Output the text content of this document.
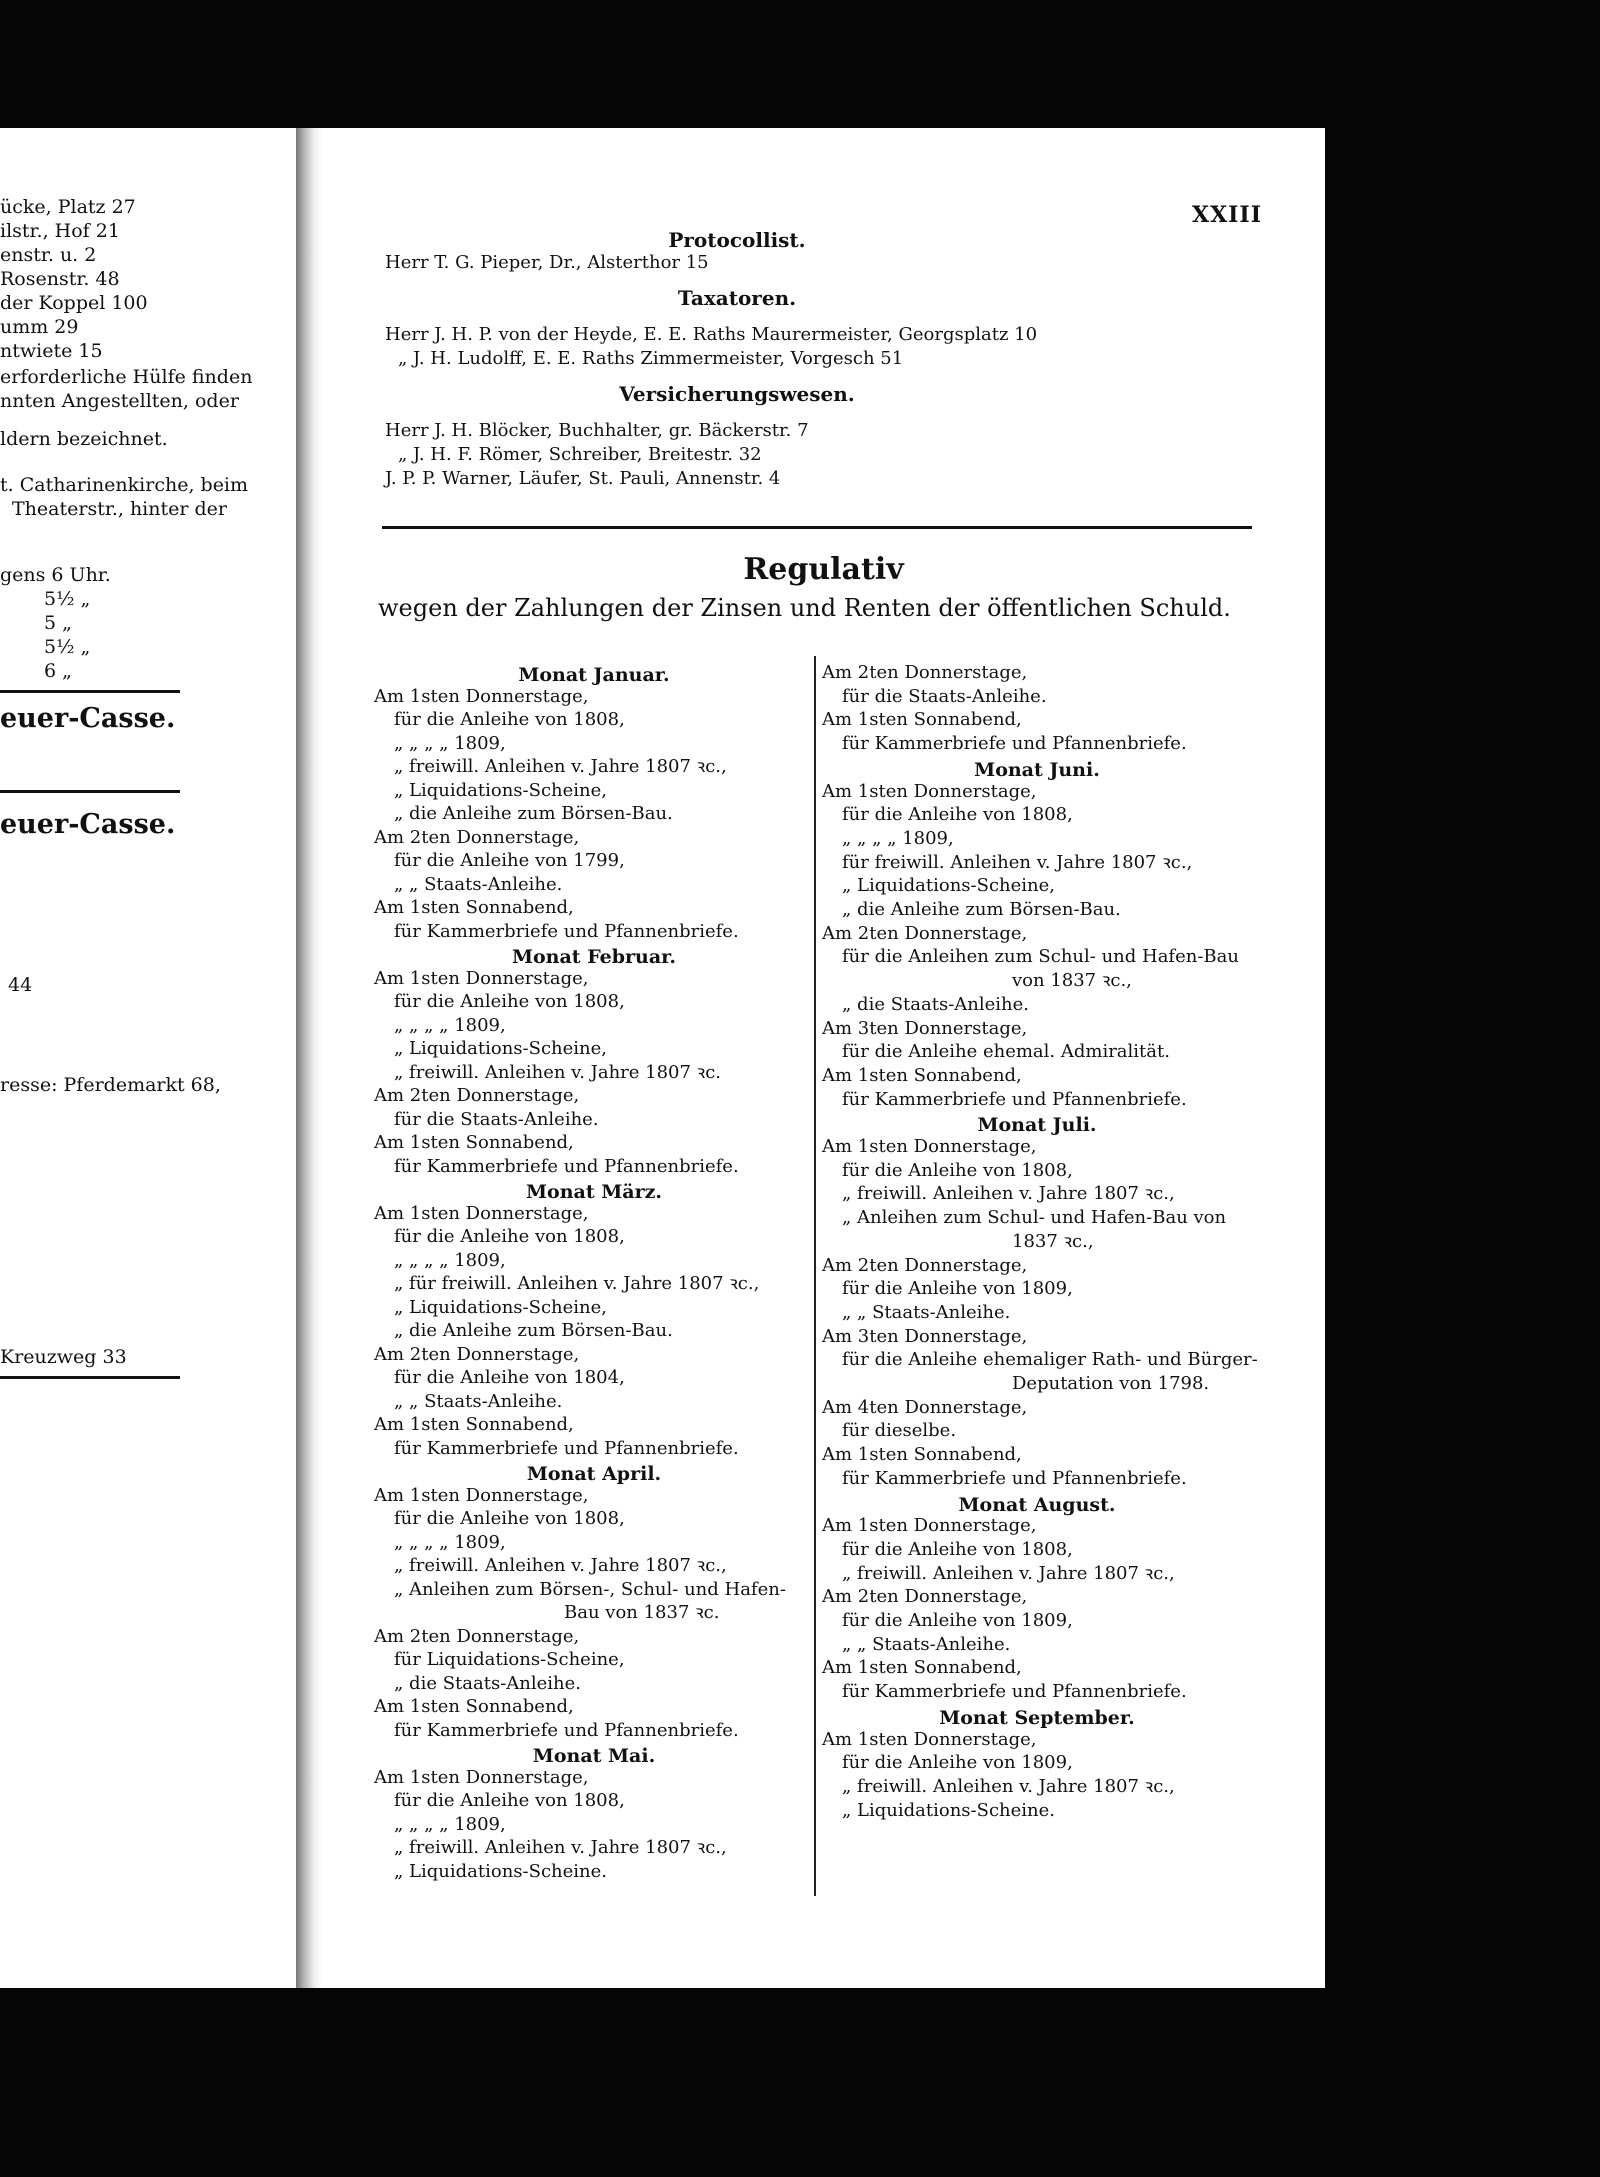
ücke, Platz 27
ilstr., Hof 21
enstr. u. 2
Rosenstr. 48
der Koppel 100
umm 29
ntwiete 15
erforderliche Hülfe finden
nnten Angestellten, oder
ldern bezeichnet.
t. Catharinenkirche, beim
Theaterstr., hinter der
gens 6 Uhr.
5½ „
5 „
5½ „
6 „
euer-Casse.
euer-Casse.
44
resse: Pferdemarkt 68,
Kreuzweg 33
XXIII
Protocollist.
Herr T. G. Pieper, Dr., Alsterthor 15
Taxatoren.
Herr J. H. P. von der Heyde, E. E. Raths Maurermeister, Georgsplatz 10
„ J. H. Ludolff, E. E. Raths Zimmermeister, Vorgesch 51
Versicherungswesen.
Herr J. H. Blöcker, Buchhalter, gr. Bäckerstr. 7
„ J. H. F. Römer, Schreiber, Breitestr. 32
J. P. P. Warner, Läufer, St. Pauli, Annenstr. 4
Regulativ
wegen der Zahlungen der Zinsen und Renten der öffentlichen Schuld.
Monat Januar.
Am 1sten Donnerstage,
für die Anleihe von 1808,
„ „ „ „ 1809,
„ freiwill. Anleihen v. Jahre 1807 ꝛc.,
„ Liquidations-Scheine,
„ die Anleihe zum Börsen-Bau.
Am 2ten Donnerstage,
für die Anleihe von 1799,
„ „ Staats-Anleihe.
Am 1sten Sonnabend,
für Kammerbriefe und Pfannenbriefe.
Monat Februar.
Am 1sten Donnerstage,
für die Anleihe von 1808,
„ „ „ „ 1809,
„ Liquidations-Scheine,
„ freiwill. Anleihen v. Jahre 1807 ꝛc.
Am 2ten Donnerstage,
für die Staats-Anleihe.
Am 1sten Sonnabend,
für Kammerbriefe und Pfannenbriefe.
Monat März.
Am 1sten Donnerstage,
für die Anleihe von 1808,
„ „ „ „ 1809,
„ für freiwill. Anleihen v. Jahre 1807 ꝛc.,
„ Liquidations-Scheine,
„ die Anleihe zum Börsen-Bau.
Am 2ten Donnerstage,
für die Anleihe von 1804,
„ „ Staats-Anleihe.
Am 1sten Sonnabend,
für Kammerbriefe und Pfannenbriefe.
Monat April.
Am 1sten Donnerstage,
für die Anleihe von 1808,
„ „ „ „ 1809,
„ freiwill. Anleihen v. Jahre 1807 ꝛc.,
„ Anleihen zum Börsen-, Schul- und Hafen-
Bau von 1837 ꝛc.
Am 2ten Donnerstage,
für Liquidations-Scheine,
„ die Staats-Anleihe.
Am 1sten Sonnabend,
für Kammerbriefe und Pfannenbriefe.
Monat Mai.
Am 1sten Donnerstage,
für die Anleihe von 1808,
„ „ „ „ 1809,
„ freiwill. Anleihen v. Jahre 1807 ꝛc.,
„ Liquidations-Scheine.
Am 2ten Donnerstage,
für die Staats-Anleihe.
Am 1sten Sonnabend,
für Kammerbriefe und Pfannenbriefe.
Monat Juni.
Am 1sten Donnerstage,
für die Anleihe von 1808,
„ „ „ „ 1809,
für freiwill. Anleihen v. Jahre 1807 ꝛc.,
„ Liquidations-Scheine,
„ die Anleihe zum Börsen-Bau.
Am 2ten Donnerstage,
für die Anleihen zum Schul- und Hafen-Bau
von 1837 ꝛc.,
„ die Staats-Anleihe.
Am 3ten Donnerstage,
für die Anleihe ehemal. Admiralität.
Am 1sten Sonnabend,
für Kammerbriefe und Pfannenbriefe.
Monat Juli.
Am 1sten Donnerstage,
für die Anleihe von 1808,
„ freiwill. Anleihen v. Jahre 1807 ꝛc.,
„ Anleihen zum Schul- und Hafen-Bau von
1837 ꝛc.,
Am 2ten Donnerstage,
für die Anleihe von 1809,
„ „ Staats-Anleihe.
Am 3ten Donnerstage,
für die Anleihe ehemaliger Rath- und Bürger-
Deputation von 1798.
Am 4ten Donnerstage,
für dieselbe.
Am 1sten Sonnabend,
für Kammerbriefe und Pfannenbriefe.
Monat August.
Am 1sten Donnerstage,
für die Anleihe von 1808,
„ freiwill. Anleihen v. Jahre 1807 ꝛc.,
Am 2ten Donnerstage,
für die Anleihe von 1809,
„ „ Staats-Anleihe.
Am 1sten Sonnabend,
für Kammerbriefe und Pfannenbriefe.
Monat September.
Am 1sten Donnerstage,
für die Anleihe von 1809,
„ freiwill. Anleihen v. Jahre 1807 ꝛc.,
„ Liquidations-Scheine.
